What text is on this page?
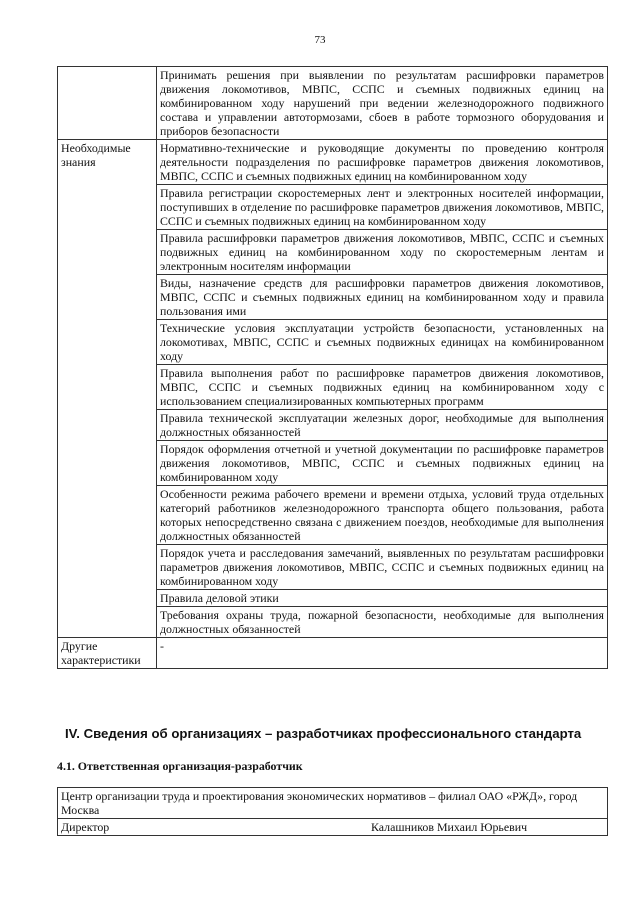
73
	Принимать решения при выявлении по результатам расшифровки параметров движения локомотивов, МВПС, ССПС и съемных подвижных единиц на комбинированном ходу нарушений при ведении железнодорожного подвижного состава и управлении автотормозами, сбоев в работе тормозного оборудования и приборов безопасности
Необходимые знания	Нормативно-технические и руководящие документы по проведению контроля деятельности подразделения по расшифровке параметров движения локомотивов, МВПС, ССПС и съемных подвижных единиц на комбинированном ходу
	Правила регистрации скоростемерных лент и электронных носителей информации, поступивших в отделение по расшифровке параметров движения локомотивов, МВПС, ССПС и съемных подвижных единиц на комбинированном ходу
	Правила расшифровки параметров движения локомотивов, МВПС, ССПС и съемных подвижных единиц на комбинированном ходу по скоростемерным лентам и электронным носителям информации
	Виды, назначение средств для расшифровки параметров движения локомотивов, МВПС, ССПС и съемных подвижных единиц на комбинированном ходу и правила пользования ими
	Технические условия эксплуатации устройств безопасности, установленных на локомотивах, МВПС, ССПС и съемных подвижных единицах на комбинированном ходу
	Правила выполнения работ по расшифровке параметров движения локомотивов, МВПС, ССПС и съемных подвижных единиц на комбинированном ходу с использованием специализированных компьютерных программ
	Правила технической эксплуатации железных дорог, необходимые для выполнения должностных обязанностей
	Порядок оформления отчетной и учетной документации по расшифровке параметров движения локомотивов, МВПС, ССПС и съемных подвижных единиц на комбинированном ходу
	Особенности режима рабочего времени и времени отдыха, условий труда отдельных категорий работников железнодорожного транспорта общего пользования, работа которых непосредственно связана с движением поездов, необходимые для выполнения должностных обязанностей
	Порядок учета и расследования замечаний, выявленных по результатам расшифровки параметров движения локомотивов, МВПС, ССПС и съемных подвижных единиц на комбинированном ходу
	Правила деловой этики
	Требования охраны труда, пожарной безопасности, необходимые для выполнения должностных обязанностей
Другие характеристики	-
IV. Сведения об организациях – разработчиках профессионального стандарта
4.1. Ответственная организация-разработчик
Центр организации труда и проектирования экономических нормативов – филиал ОАО «РЖД», город Москва

Директор	Калашников Михаил Юрьевич
